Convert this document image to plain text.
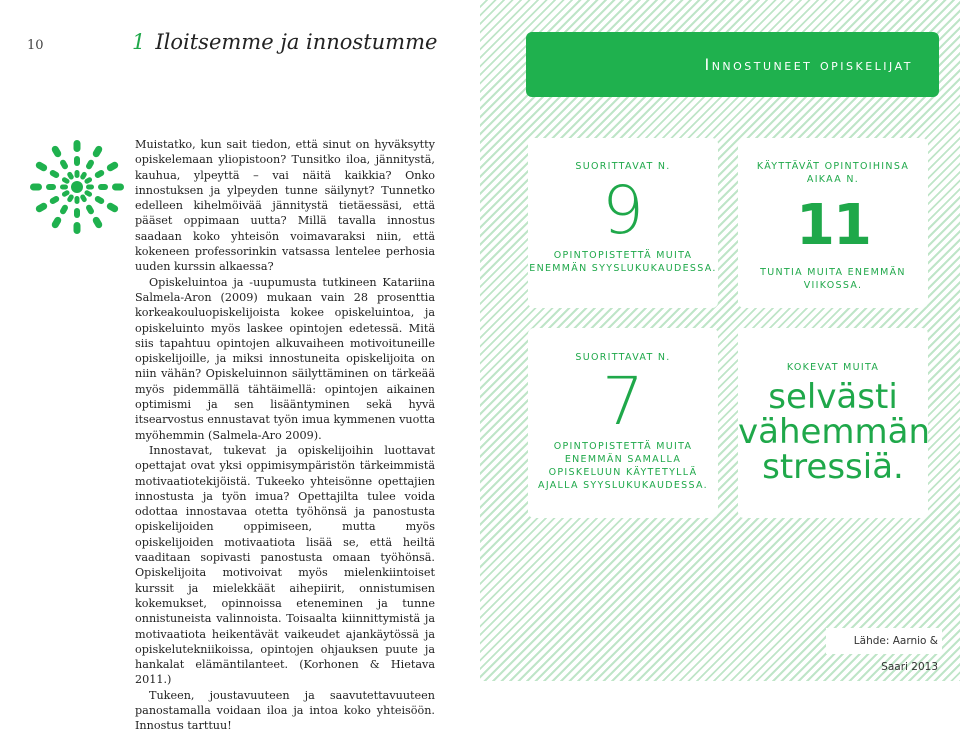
10	1 Iloitsemme ja innostumme

Muistatko, kun sait tiedon, että sinut on hyväksytty opiskelemaan yliopistoon? Tunsitko iloa, jännitystä, kauhua, ylpeyttä – vai näitä kaikkia? Onko innostuksen ja ylpeyden tunne säilynyt? Tunnetko edelleen kihelmöivää jännitystä tietäessäsi, että pääset oppimaan uutta? Millä tavalla innostus saadaan koko yhteisön voimavaraksi niin, että kokeneen professorinkin vatsassa lentelee perhosia uuden kurssin alkaessa?

Opiskeluintoa ja -uupumusta tutkineen Katariina Salmela-Aron (2009) mukaan vain 28 prosenttia korkeakouluopiskelijoista kokee opiskeluintoa, ja opiskeluinto myös laskee opintojen edetessä. Mitä siis tapahtuu opintojen alkuvaiheen motivoituneille opiskelijoille, ja miksi innostuneita opiskelijoita on niin vähän? Opiskeluinnon säilyttäminen on tärkeää myös pidemmällä tähtäimellä: opintojen aikainen optimismi ja sen lisääntyminen sekä hyvä itsearvostus ennustavat työn imua kymmenen vuotta myöhemmin (Salmela-Aro 2009).

Innostavat, tukevat ja opiskelijoihin luottavat opettajat ovat yksi oppimisympäristön tärkeimmistä motivaatiotekijöistä. Tukeeko yhteisönne opettajien innostusta ja työn imua? Opettajilta tulee voida odottaa innostavaa otetta työhönsä ja panostusta opiskelijoiden oppimiseen, mutta myös opiskelijoiden motivaatiota lisää se, että heiltä vaaditaan sopivasti panostusta omaan työhönsä. Opiskelijoita motivoivat myös mielenkiintoiset kurssit ja mielekkäät aihepiirit, onnistumisen kokemukset, opinnoissa eteneminen ja tunne onnistuneista valinnoista. Toisaalta kiinnittymistä ja motivaatiota heikentävät vaikeudet ajankäytössä ja opiskelutekniikoissa, opintojen ohjauksen puute ja hankalat elämäntilanteet. (Korhonen & Hietava 2011.)

Tukeen, joustavuuteen ja saavutettavuuteen panostamalla voidaan iloa ja intoa koko yhteisöön. Innostus tarttuu!

Innostuneet opiskelijat
SUORITTAVAT N.
9
OPINTOPISTETTÄ MUITA ENEMMÄN SYYSLUKUKAUDESSA.
KÄYTTÄVÄT OPINTOIHINSA AIKAA N.
11
TUNTIA MUITA ENEMMÄN VIIKOSSA.
SUORITTAVAT N.
7
OPINTOPISTETTÄ MUITA ENEMMÄN SAMALLA OPISKELUUN KÄYTETYLLÄ AJALLA SYYSLUKUKAUDESSA.
KOKEVAT MUITA
selvästi vähemmän stressiä.
Lähde: Aarnio & Saari 2013
